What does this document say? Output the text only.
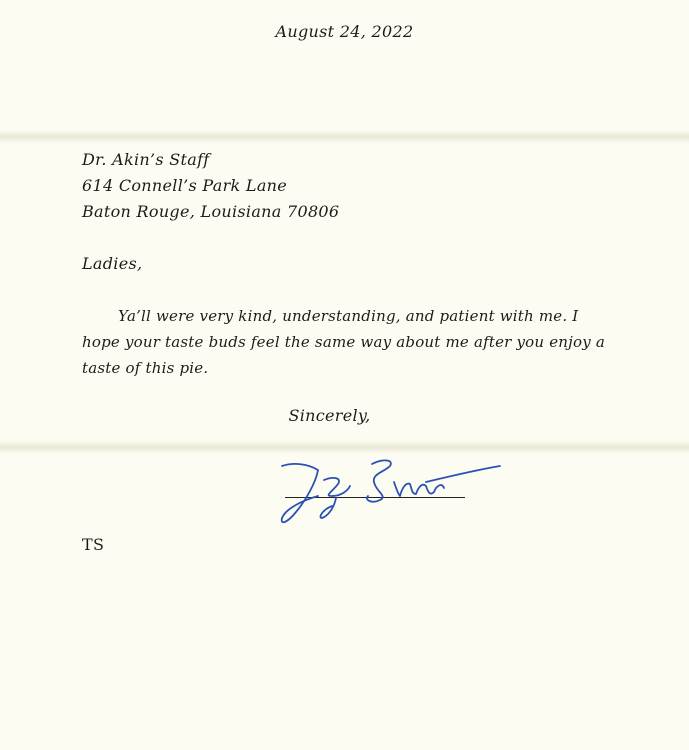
August 24, 2022
Dr. Akin’s Staff
614 Connell’s Park Lane
Baton Rouge, Louisiana 70806
Ladies,
Ya’ll were very kind, understanding, and patient with me. I hope your taste buds feel the same way about me after you enjoy a taste of this pie.
Sincerely,
TS
